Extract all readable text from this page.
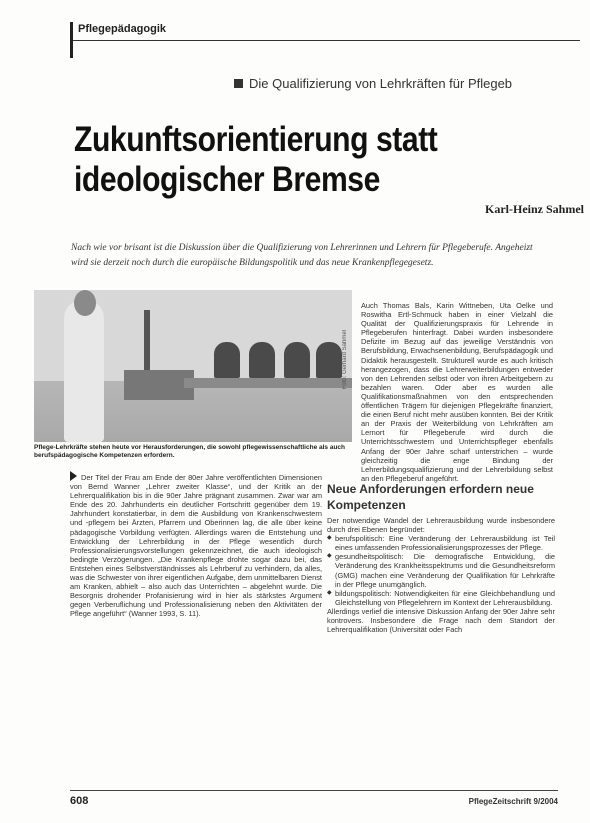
Pflegepädagogik
Die Qualifizierung von Lehrkräften für Pflegeb
Zukunftsorientierung statt
ideologischer Bremse
Karl-Heinz Sahmel
Nach wie vor brisant ist die Diskussion über die Qualifizierung von Lehrerinnen und Lehrern für Pflegeberufe. Angeheizt wird sie derzeit noch durch die europäische Bildungspolitik und das neue Krankenpflegegesetz.
Foto: Gerhard Sahmel
Pflege-Lehrkräfte stehen heute vor Herausforderungen, die sowohl pflegewissenschaftliche als auch berufspädagogische Kompetenzen erfordern.

Auch Thomas Bals, Karin Wittneben, Uta Oelke und Roswitha Ertl-Schmuck haben in einer Vielzahl die Qualität der Qualifizierungspraxis für Lehrende in Pflegeberufen hinterfragt. Dabei wurden insbesondere Defizite im Bezug auf das jeweilige Verständnis von Berufsbildung, Erwachsenenbildung, Berufspädagogik und Didaktik herausgestellt. Strukturell wurde es auch kritisch herangezogen, dass die Lehrerweiterbildungen entweder von den Lehrenden selbst oder von ihren Arbeitgebern zu bezahlen waren. Oder aber es wurden alle Qualifikationsmaßnahmen von den entsprechenden öffentlichen Trägern für diejenigen Pflegekräfte finanziert, die einen Beruf nicht mehr ausüben konnten. Bei der Kritik an der Praxis der Weiterbildung von Lehrkräften am Lernort für Pflegeberufe wird durch die Unterrichtsschwestern und Unterrichtspfleger ebenfalls Anfang der 90er Jahre scharf unterstrichen – wurde gleichzeitig die enge Bindung der Lehrerbildungsqualifizierung und der Lehrerbildung selbst an den Pflegeberuf angeführt.

Der Titel der Frau am Ende der 80er Jahre veröffentlichten Dimensionen von Bernd Wanner „Lehrer zweiter Klasse“, und der Kritik an der Lehrerqualifikation bis in die 90er Jahre prägnant zusammen. Zwar war am Ende des 20. Jahrhunderts ein deutlicher Fortschritt gegenüber dem 19. Jahrhundert konstatierbar, in dem die Ausbildung von Krankenschwestern und -pflegern bei Ärzten, Pfarrern und Oberinnen lag, die alle über keine pädagogische Vorbildung verfügten. Allerdings waren die Entstehung und Entwicklung der Lehrerbildung in der Pflege wesentlich durch Professionalisierungsvorstellungen gekennzeichnet, die auch ideologisch bedingte Verzögerungen. „Die Krankenpflege drohte sogar dazu bei, das Entstehen eines Selbstverständnisses als Lehrberuf zu verhindern, da alles, was die Schwester von ihrer eigentlichen Aufgabe, dem unmittelbaren Dienst am Kranken, abhielt – also auch das Unterrichten – abgelehnt wurde. Die Besorgnis drohender Profanisierung wird in hier als stärkstes Argument gegen Verberuflichung und Professionalisierung neben den Aktivitäten der Pflege angeführt“ (Wanner 1993, S. 11).

Neue Anforderungen erfordern neue Kompetenzen

Der notwendige Wandel der Lehrerausbildung wurde insbesondere durch drei Ebenen begründet:

◆ berufspolitisch: Eine Veränderung der Lehrerausbildung ist Teil eines umfassenden Professionalisierungsprozesses der Pflege.
◆ gesundheitspolitisch: Die demografische Entwicklung, die Veränderung des Krankheitsspektrums und die Gesundheitsreform (GMG) machen eine Veränderung der Qualifikation für Lehrkräfte in der Pflege unumgänglich.
◆ bildungspolitisch: Notwendigkeiten für eine Gleichbehandlung und Gleichstellung von Pflegelehrern im Kontext der Lehrerausbildung.

Allerdings verlief die intensive Diskussion Anfang der 90er Jahre sehr kontrovers. Insbesondere die Frage nach dem Standort der Lehrerqualifikation (Universität oder Fach

608	PflegeZeitschrift 9/2004
